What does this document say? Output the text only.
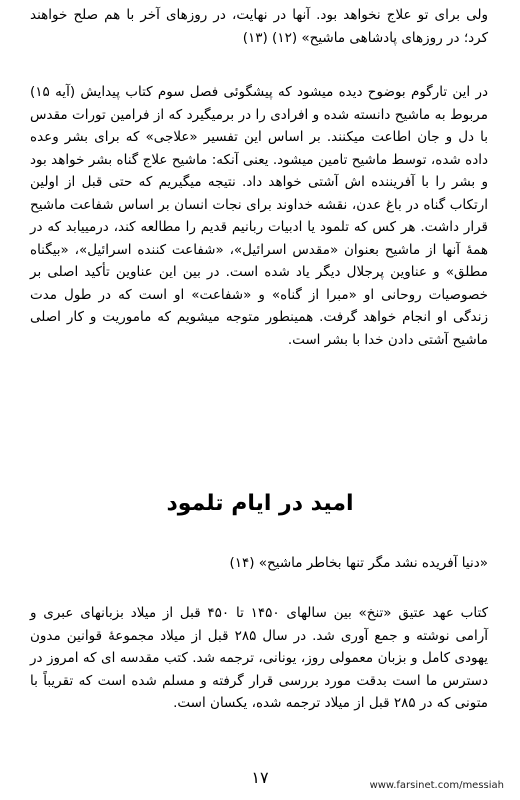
ولی برای تو علاج نخواهد بود. آنها در نهایت، در روزهای آخر با هم صلح خواهند کرد؛ در روزهای پادشاهی ماشیح» (۱۲) (۱۳)

در این تارگوم بوضوح دیده میشود که پیشگوئی فصل سوم کتاب پیدایش (آیه ۱۵) مربوط به ماشیح دانسته شده و افرادی را در برمیگیرد که از فرامین تورات مقدس با دل و جان اطاعت میکنند. بر اساس این تفسیر «علاجی» که برای بشر وعده داده شده، توسط ماشیح تامین میشود. یعنی آنکه: ماشیح علاج گناه بشر خواهد بود و بشر را با آفریننده اش آشتی خواهد داد. نتیجه میگیریم که حتی قبل از اولین ارتکاب گناه در باغ عدن، نقشه خداوند برای نجات انسان بر اساس شفاعت ماشیح قرار داشت. هر کس که تلمود یا ادبیات ربانیم قدیم را مطالعه کند، درمییابد که در همهٔ آنها از ماشیح بعنوان «مقدس اسرائیل»، «شفاعت کننده اسرائیل»، «بیگناه مطلق» و عناوین پرجلال دیگر یاد شده است. در بین این عناوین تأکید اصلی بر خصوصیات روحانی او «مبرا از گناه» و «شفاعت» او است که در طول مدت زندگی او انجام خواهد گرفت. همینطور متوجه میشویم که ماموریت و کار اصلی ماشیح آشتی دادن خدا با بشر است.

امید در ایام تلمود

«دنیا آفریده نشد مگر تنها بخاطر ماشیح» (۱۴)

کتاب عهد عتیق «تنخ» بین سالهای ۱۴۵۰ تا ۴۵۰ قبل از میلاد بزبانهای عبری و آرامی نوشته و جمع آوری شد. در سال ۲۸۵ قبل از میلاد مجموعهٔ قوانین مدون یهودی کامل و بزبان معمولی روز، یونانی، ترجمه شد. کتب مقدسه ای که امروز در دسترس ما است بدقت مورد بررسی قرار گرفته و مسلم شده است که تقریباً با متونی که در ۲۸۵ قبل از میلاد ترجمه شده، یکسان است.

۱۷	www.farsinet.com/messiah
